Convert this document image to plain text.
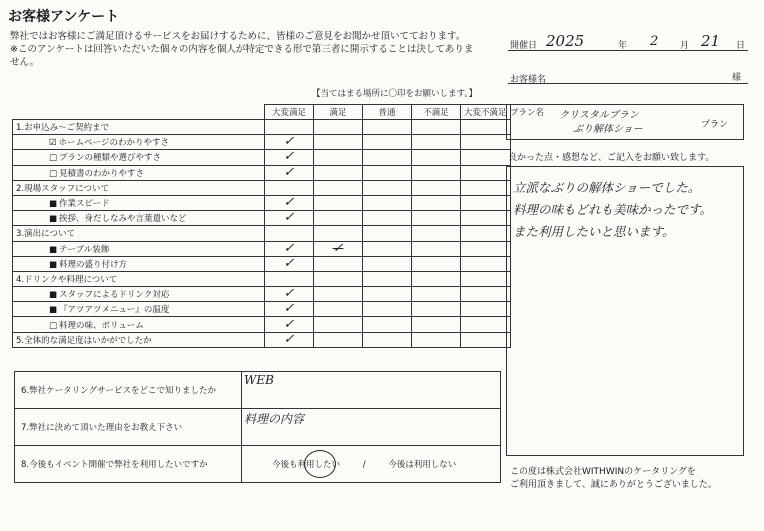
お客様アンケート
弊社ではお客様にご満足頂けるサービスをお届けするために、皆様のご意見をお聞かせ頂いてております。
※このアンケートは回答いただいた個々の内容を個人が特定できる形で第三者に開示することは決してありま
せん。
【当てはまる場所に〇印をお願いします。】
	大変満足	満足	普通	不満足	大変不満足
1.お申込み～ご契約まで					
☑ ホームページのわかりやすさ	✓				
□ プランの種類や選びやすさ	✓				
□ 見積書のわかりやすさ	✓				
2.現場スタッフについて					
■ 作業スピード	✓				
■ 挨拶、身だしなみや言葉遣いなど	✓				
3.演出について					
■ テーブル装飾	✓	✓			
■ 料理の盛り付け方	✓				
4.ドリンクや料理について					
■ スタッフによるドリンク対応	✓				
■ 『アツアツメニュー』の温度	✓				
□ 料理の味、ボリューム	✓				
5.全体的な満足度はいかがでしたか	✓				
6.弊社ケータリングサービスをどこで知りましたか	WEB

7.弊社に決めて頂いた理由をお教え下さい	料理の内容

8.今後もイベント開催で弊社を利用したいですか	今後も利用したい / 今後は利用しない
開催日 2025	年 2 月 21 日
お客様名	様
プラン名 クリスタルプラン
ぶり解体ショー	プラン
良かった点・感想など、ご記入をお願い致します。
立派なぶりの解体ショーでした。
料理の味もどれも美味かったです。
また利用したいと思います。
この度は株式会社WITHWINのケータリングを
ご利用頂きまして、誠にありがとうございました。
